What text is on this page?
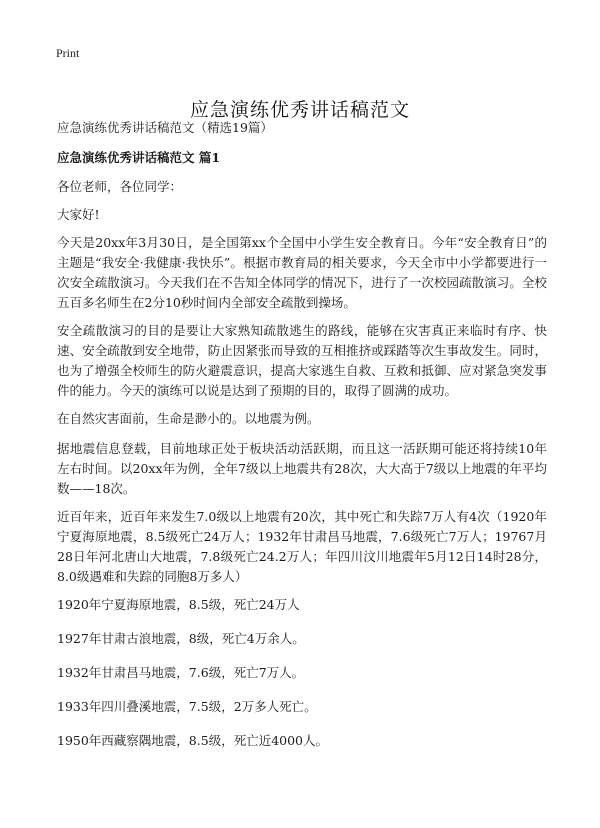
Print
应急演练优秀讲话稿范文

应急演练优秀讲话稿范文（精选19篇）

应急演练优秀讲话稿范文 篇1

各位老师，各位同学：

大家好!

今天是20xx年3月30日，是全国第xx个全国中小学生安全教育日。今年“安全教育日”的主题是“我安全·我健康·我快乐”。根据市教育局的相关要求，今天全市中小学都要进行一次安全疏散演习。今天我们在不告知全体同学的情况下，进行了一次校园疏散演习。全校五百多名师生在2分10秒时间内全部安全疏散到操场。

安全疏散演习的目的是要让大家熟知疏散逃生的路线，能够在灾害真正来临时有序、快速、安全疏散到安全地带，防止因紧张而导致的互相推挤或踩踏等次生事故发生。同时，也为了增强全校师生的防火避震意识，提高大家逃生自救、互救和抵御、应对紧急突发事件的能力。今天的演练可以说是达到了预期的目的，取得了圆满的成功。

在自然灾害面前，生命是渺小的。以地震为例。

据地震信息登载，目前地球正处于板块活动活跃期，而且这一活跃期可能还将持续10年左右时间。以20xx年为例，全年7级以上地震共有28次，大大高于7级以上地震的年平均数——18次。

近百年来，近百年来发生7.0级以上地震有20次，其中死亡和失踪7万人有4次（1920年宁夏海原地震，8.5级死亡24万人；1932年甘肃昌马地震，7.6级死亡7万人；19767月28日年河北唐山大地震，7.8级死亡24.2万人；年四川汶川地震年5月12日14时28分，8.0级遇难和失踪的同胞8万多人）

1920年宁夏海原地震，8.5级，死亡24万人

1927年甘肃古浪地震，8级，死亡4万余人。

1932年甘肃昌马地震，7.6级，死亡7万人。

1933年四川叠溪地震，7.5级，2万多人死亡。

1950年西藏察隅地震，8.5级，死亡近4000人。
